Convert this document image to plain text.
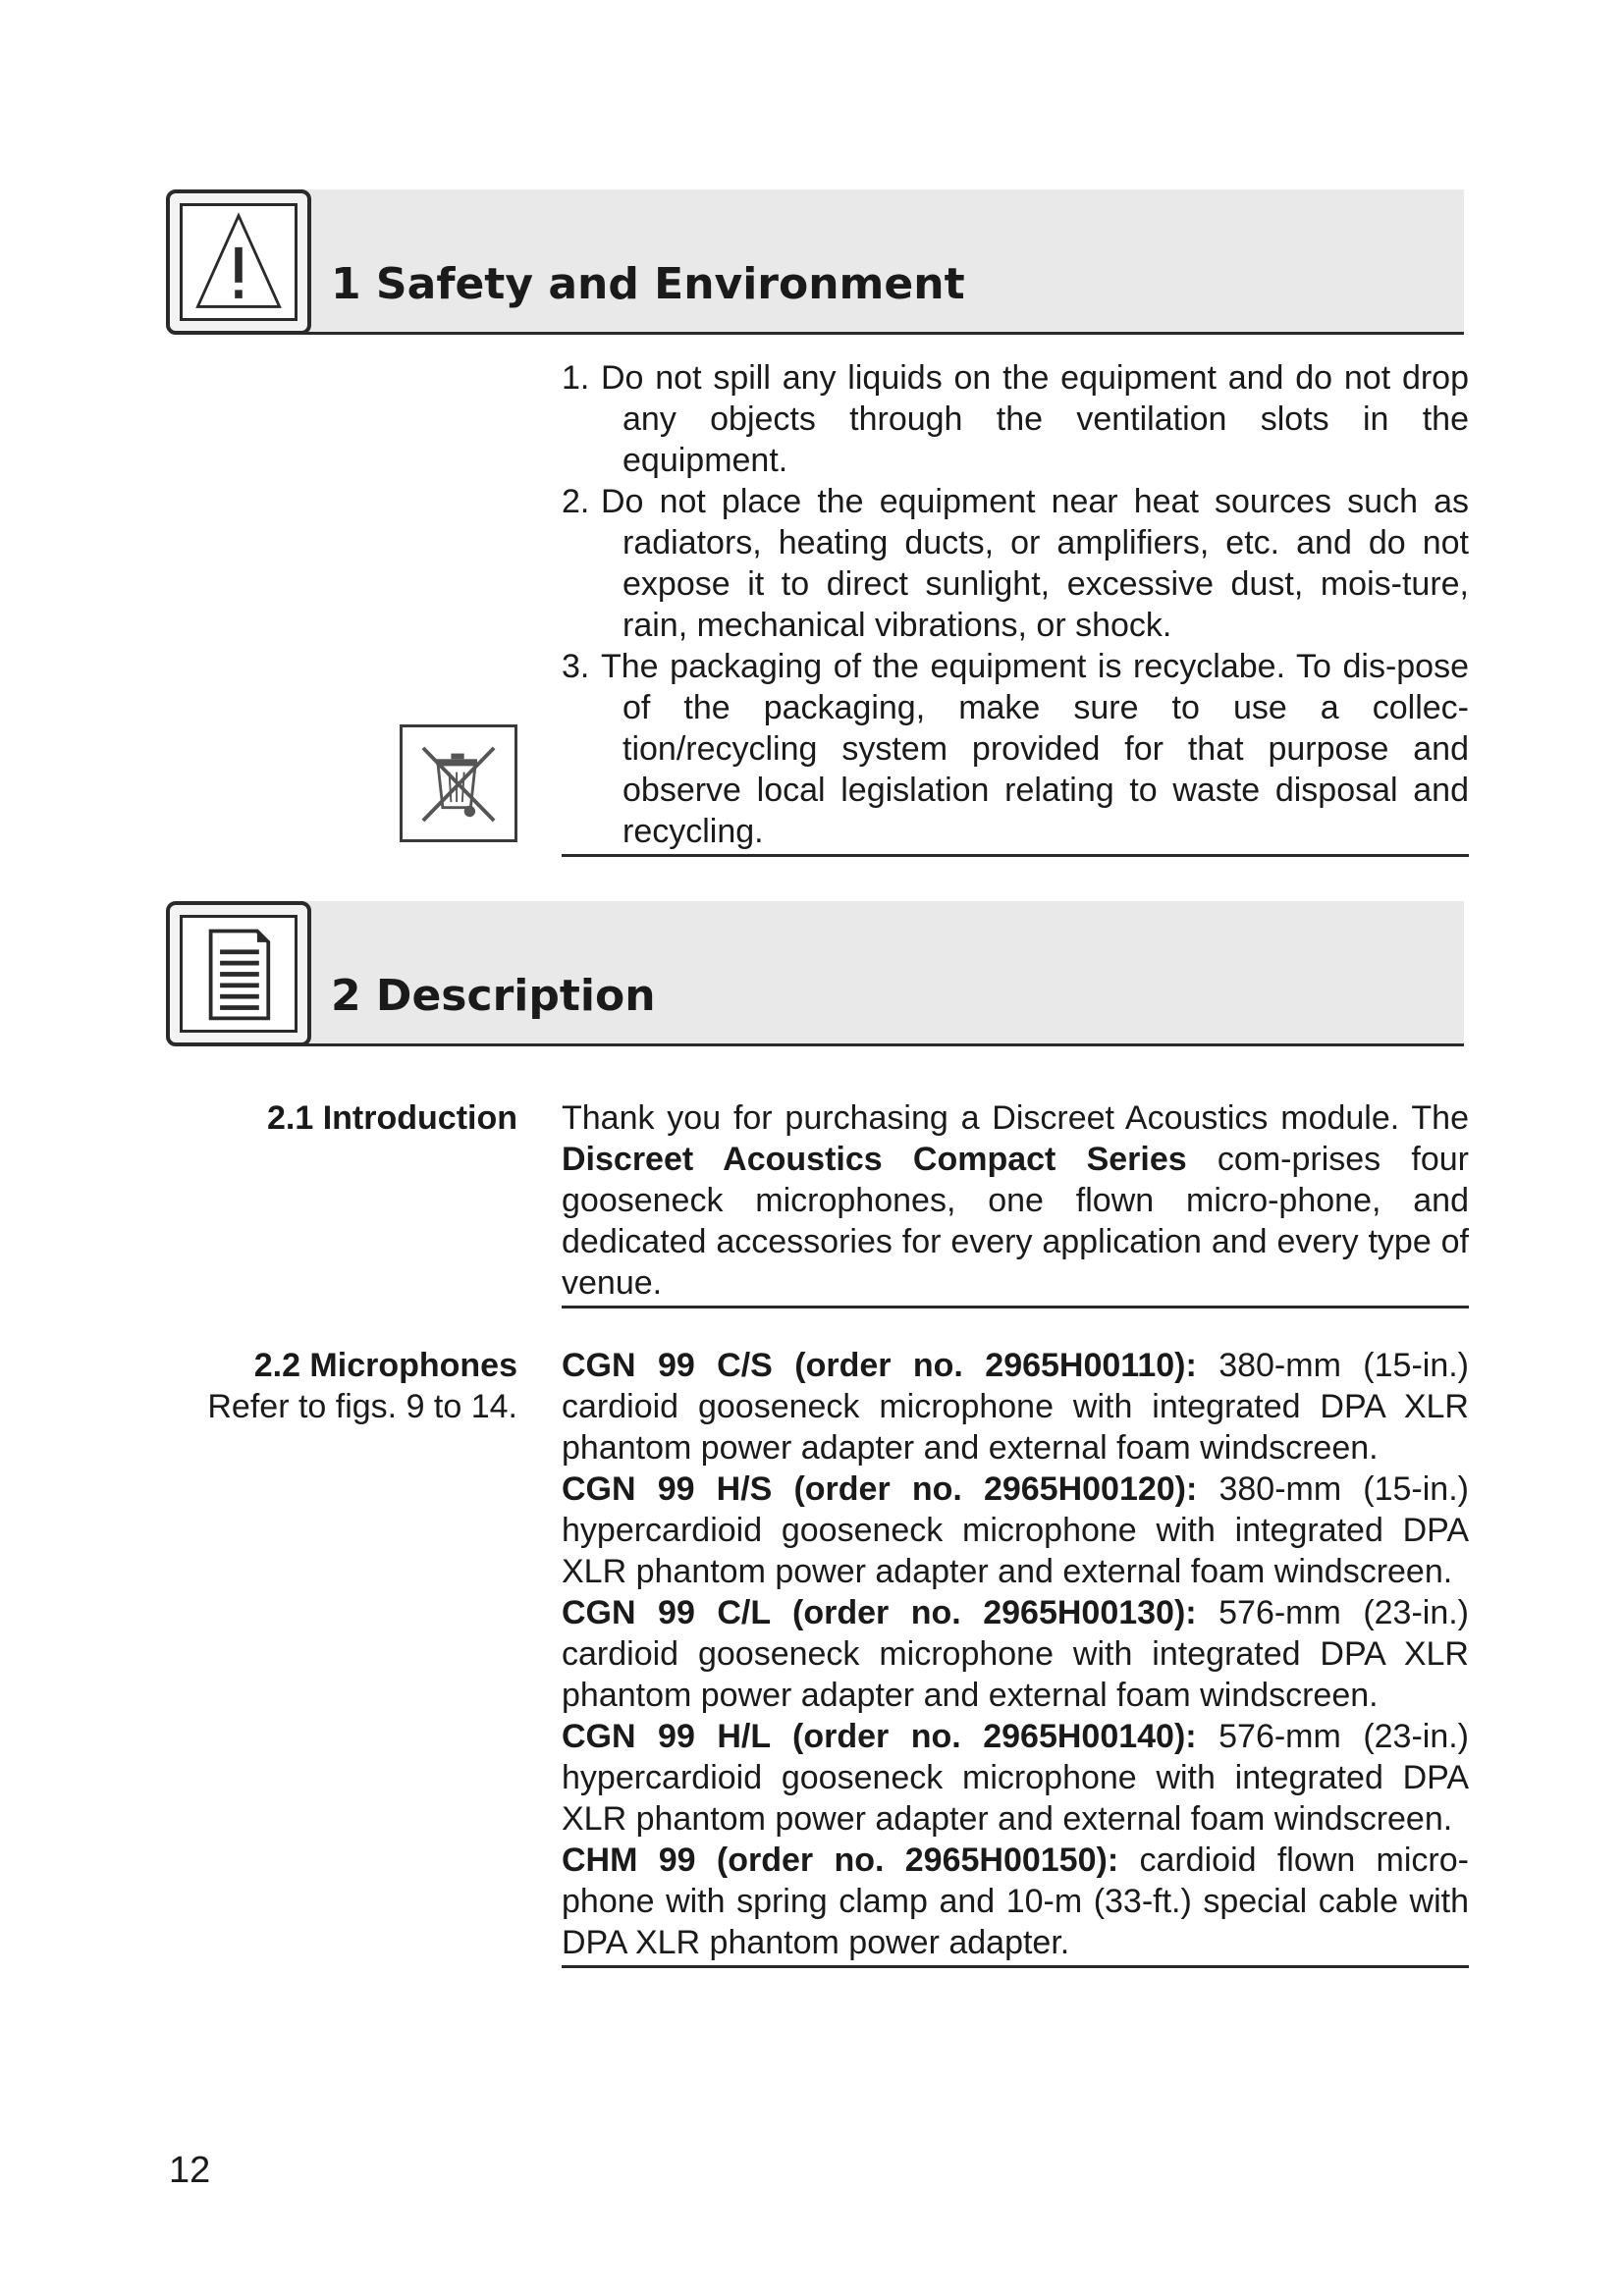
1 Safety and Environment
1. Do not spill any liquids on the equipment and do not drop any objects through the ventilation slots in the equipment.
2. Do not place the equipment near heat sources such as radiators, heating ducts, or amplifiers, etc. and do not expose it to direct sunlight, excessive dust, mois-ture, rain, mechanical vibrations, or shock.
3. The packaging of the equipment is recyclabe. To dis-pose of the packaging, make sure to use a collec-tion/recycling system provided for that purpose and observe local legislation relating to waste disposal and recycling.
2 Description
2.1 Introduction Thank you for purchasing a Discreet Acoustics module. The Discreet Acoustics Compact Series com-prises four gooseneck microphones, one flown micro-phone, and dedicated accessories for every application and every type of venue.
2.2 Microphones
Refer to figs. 9 to 14.

CGN 99 C/S (order no. 2965H00110): 380-mm (15-in.) cardioid gooseneck microphone with integrated DPA XLR phantom power adapter and external foam windscreen.

CGN 99 H/S (order no. 2965H00120): 380-mm (15-in.) hypercardioid gooseneck microphone with integrated DPA XLR phantom power adapter and external foam windscreen.

CGN 99 C/L (order no. 2965H00130): 576-mm (23-in.) cardioid gooseneck microphone with integrated DPA XLR phantom power adapter and external foam windscreen.

CGN 99 H/L (order no. 2965H00140): 576-mm (23-in.) hypercardioid gooseneck microphone with integrated DPA XLR phantom power adapter and external foam windscreen.

CHM 99 (order no. 2965H00150): cardioid flown micro-phone with spring clamp and 10-m (33-ft.) special cable with DPA XLR phantom power adapter.

12
